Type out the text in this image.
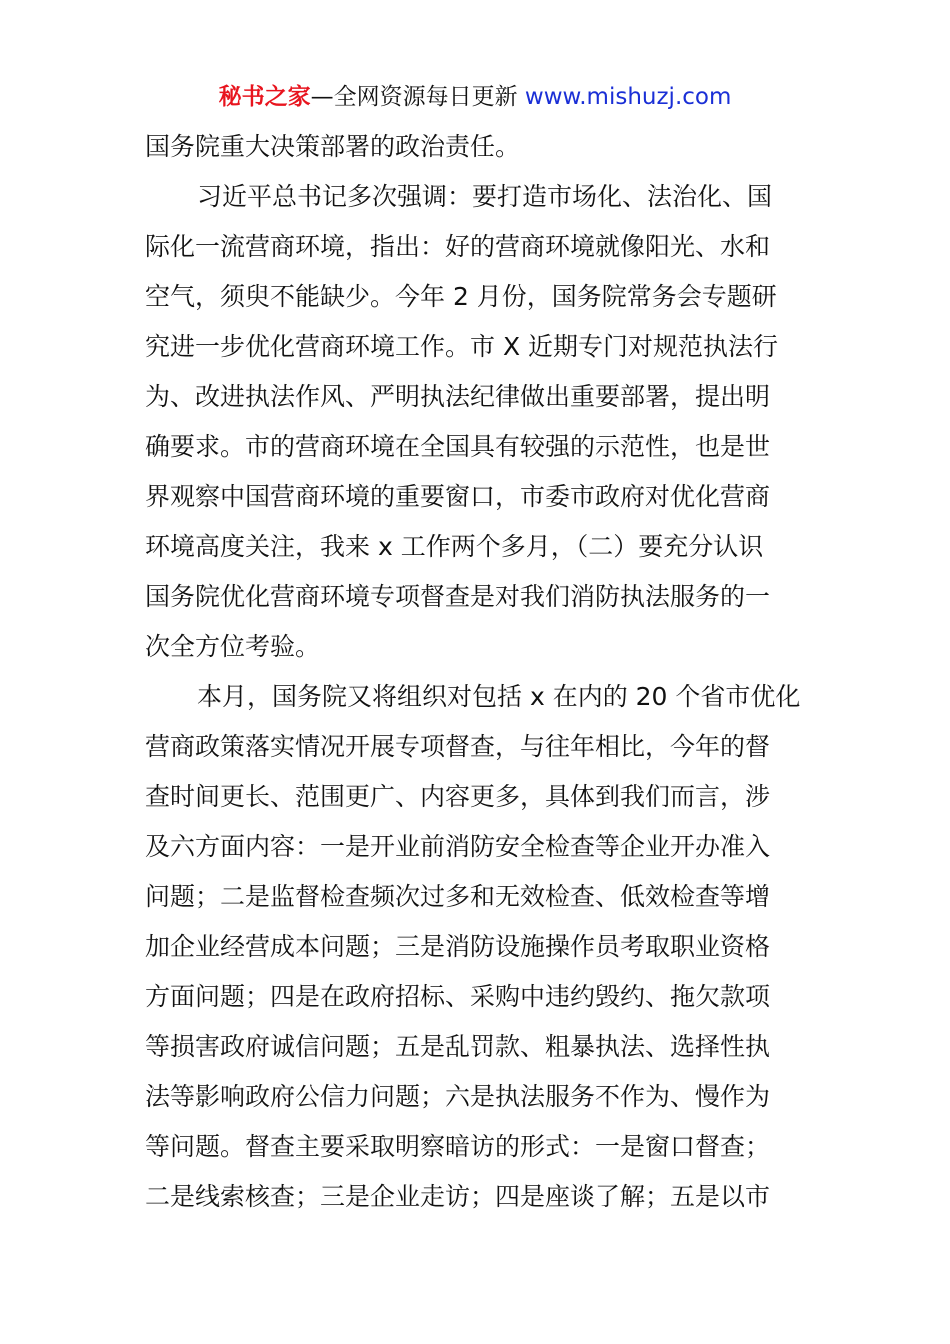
秘书之家—全网资源每日更新 www.mishuzj.com
国务院重大决策部署的政治责任。
习近平总书记多次强调：要打造市场化、法治化、国
际化一流营商环境，指出：好的营商环境就像阳光、水和
空气，须臾不能缺少。今年 2 月份，国务院常务会专题研
究进一步优化营商环境工作。市 X 近期专门对规范执法行
为、改进执法作风、严明执法纪律做出重要部署，提出明
确要求。市的营商环境在全国具有较强的示范性，也是世
界观察中国营商环境的重要窗口，市委市政府对优化营商
环境高度关注，我来 x 工作两个多月，（二）要充分认识
国务院优化营商环境专项督查是对我们消防执法服务的一
次全方位考验。
本月，国务院又将组织对包括 x 在内的 20 个省市优化
营商政策落实情况开展专项督查，与往年相比，今年的督
查时间更长、范围更广、内容更多，具体到我们而言，涉
及六方面内容：一是开业前消防安全检查等企业开办准入
问题；二是监督检查频次过多和无效检查、低效检查等增
加企业经营成本问题；三是消防设施操作员考取职业资格
方面问题；四是在政府招标、采购中违约毁约、拖欠款项
等损害政府诚信问题；五是乱罚款、粗暴执法、选择性执
法等影响政府公信力问题；六是执法服务不作为、慢作为
等问题。督查主要采取明察暗访的形式：一是窗口督查；
二是线索核查；三是企业走访；四是座谈了解；五是以市
